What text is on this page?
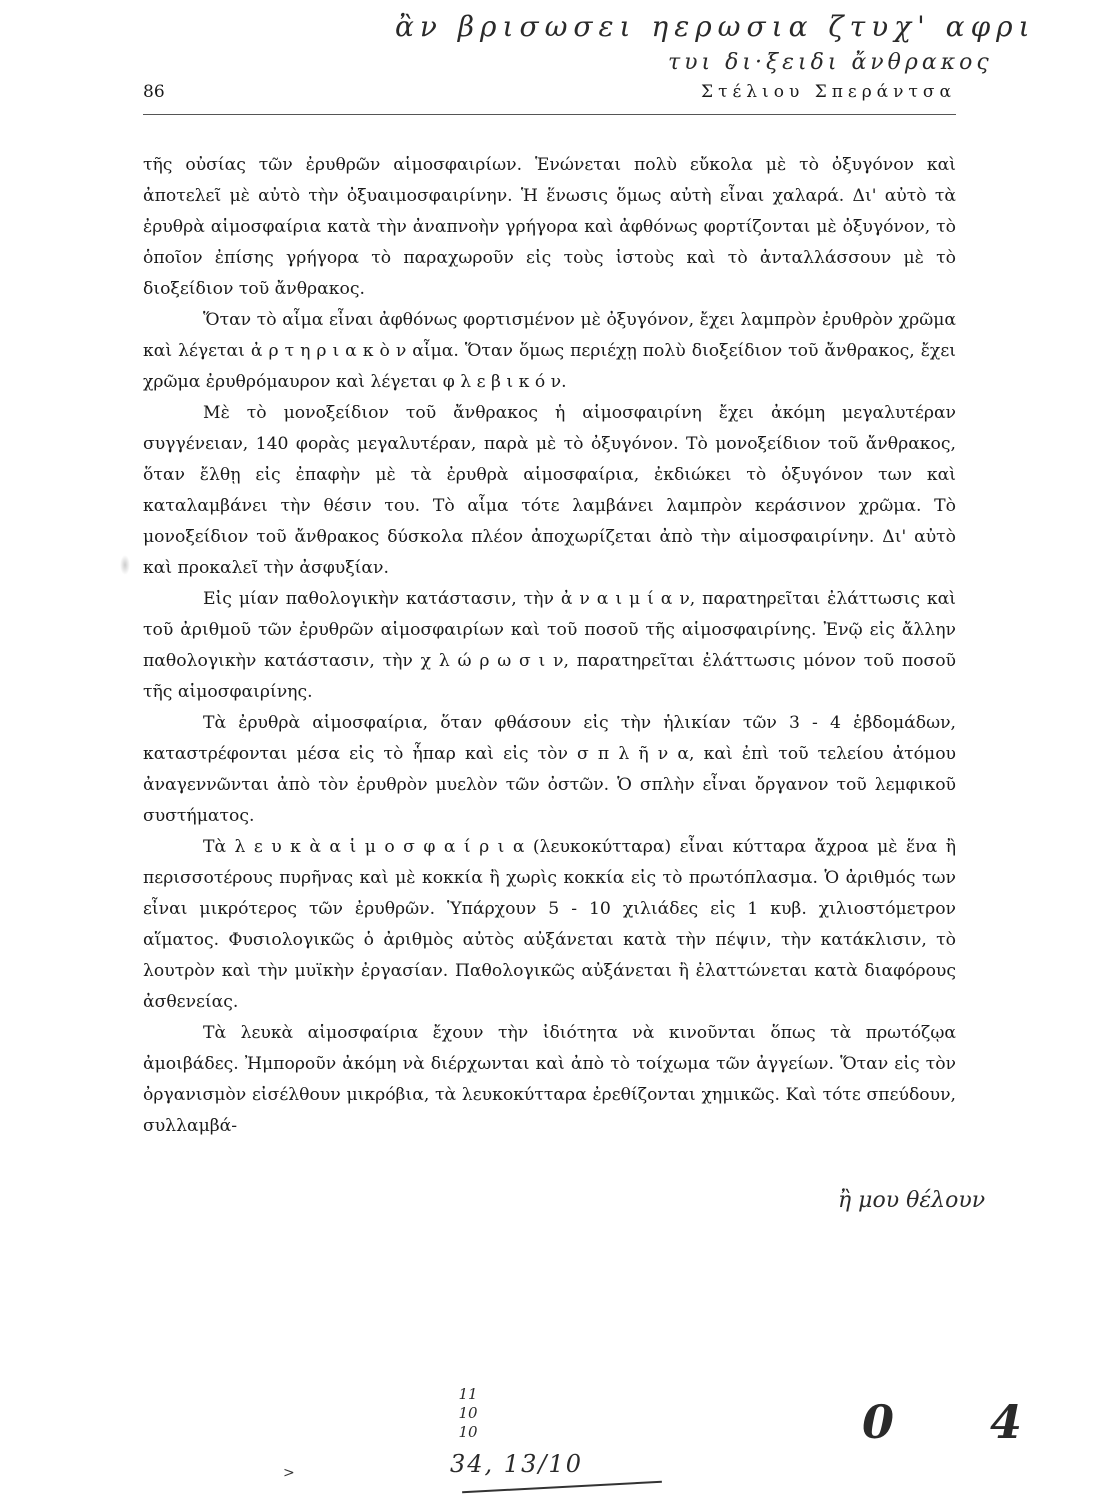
ἂν βρισωσει ηερωσια ζτυχ' αφρι
τυι δι·ξειδι ἄνθρακος
86	Στέλιου Σπεράντσα

τῆς οὐσίας τῶν ἐρυθρῶν αἱμοσφαιρίων. Ἑνώνεται πολὺ εὔκολα μὲ τὸ ὀξυγόνον καὶ ἀποτελεῖ μὲ αὐτὸ τὴν ὀξυαιμοσφαιρίνην. Ἡ ἕνωσις ὅμως αὐτὴ εἶναι χαλαρά. Δι' αὐτὸ τὰ ἐρυθρὰ αἱμοσφαίρια κατὰ τὴν ἀναπνοὴν γρήγορα καὶ ἀφθόνως φορτίζονται μὲ ὀξυγόνον, τὸ ὁποῖον ἐπίσης γρήγορα τὸ παραχωροῦν εἰς τοὺς ἱστοὺς καὶ τὸ ἀνταλλάσσουν μὲ τὸ διοξείδιον τοῦ ἄνθρακος.

Ὅταν τὸ αἷμα εἶναι ἀφθόνως φορτισμένον μὲ ὀξυγόνον, ἔχει λαμπρὸν ἐρυθρὸν χρῶμα καὶ λέγεται ἀ ρ τ η ρ ι α κ ὸ ν αἷμα. Ὅταν ὅμως περιέχῃ πολὺ διοξείδιον τοῦ ἄνθρακος, ἔχει χρῶμα ἐρυθρόμαυρον καὶ λέγεται φ λ ε β ι κ ό ν.

Μὲ τὸ μονοξείδιον τοῦ ἄνθρακος ἡ αἱμοσφαιρίνη ἔχει ἀκόμη μεγαλυτέραν συγγένειαν, 140 φορὰς μεγαλυτέραν, παρὰ μὲ τὸ ὀξυγόνον. Τὸ μονοξείδιον τοῦ ἄνθρακος, ὅταν ἔλθῃ εἰς ἐπαφὴν μὲ τὰ ἐρυθρὰ αἱμοσφαίρια, ἐκδιώκει τὸ ὀξυγόνον των καὶ καταλαμβάνει τὴν θέσιν του. Τὸ αἷμα τότε λαμβάνει λαμπρὸν κεράσινον χρῶμα. Τὸ μονοξείδιον τοῦ ἄνθρακος δύσκολα πλέον ἀποχωρίζεται ἀπὸ τὴν αἱμοσφαιρίνην. Δι' αὐτὸ καὶ προκαλεῖ τὴν ἀσφυξίαν.

Εἰς μίαν παθολογικὴν κατάστασιν, τὴν ἀ ν α ι μ ί α ν, παρατηρεῖται ἐλάττωσις καὶ τοῦ ἀριθμοῦ τῶν ἐρυθρῶν αἱμοσφαιρίων καὶ τοῦ ποσοῦ τῆς αἱμοσφαιρίνης. Ἐνῷ εἰς ἄλλην παθολογικὴν κατάστασιν, τὴν χ λ ώ ρ ω σ ι ν, παρατηρεῖται ἐλάττωσις μόνον τοῦ ποσοῦ τῆς αἱμοσφαιρίνης.

Τὰ ἐρυθρὰ αἱμοσφαίρια, ὅταν φθάσουν εἰς τὴν ἡλικίαν τῶν 3 - 4 ἑβδομάδων, καταστρέφονται μέσα εἰς τὸ ἧπαρ καὶ εἰς τὸν σ π λ ῆ ν α, καὶ ἐπὶ τοῦ τελείου ἀτόμου ἀναγεννῶνται ἀπὸ τὸν ἐρυθρὸν μυελὸν τῶν ὀστῶν. Ὁ σπλὴν εἶναι ὄργανον τοῦ λεμφικοῦ συστήματος.

Τὰ λ ε υ κ ὰ α ἱ μ ο σ φ α ί ρ ι α (λευκοκύτταρα) εἶναι κύτταρα ἄχροα μὲ ἕνα ἢ περισσοτέρους πυρῆνας καὶ μὲ κοκκία ἢ χωρὶς κοκκία εἰς τὸ πρωτόπλασμα. Ὁ ἀριθμός των εἶναι μικρότερος τῶν ἐρυθρῶν. Ὑπάρχουν 5 - 10 χιλιάδες εἰς 1 κυβ. χιλιοστόμετρον αἵματος. Φυσιολογικῶς ὁ ἀριθμὸς αὐτὸς αὐξάνεται κατὰ τὴν πέψιν, τὴν κατάκλισιν, τὸ λουτρὸν καὶ τὴν μυϊκὴν ἐργασίαν. Παθολογικῶς αὐξάνεται ἢ ἐλαττώνεται κατὰ διαφόρους ἀσθενείας.

Τὰ λευκὰ αἱμοσφαίρια ἔχουν τὴν ἰδιότητα νὰ κινοῦνται ὅπως τὰ πρωτόζῳα ἀμοιβάδες. Ἠμποροῦν ἀκόμη νὰ διέρχωνται καὶ ἀπὸ τὸ τοίχωμα τῶν ἀγγείων. Ὅταν εἰς τὸν ὀργανισμὸν εἰσέλθουν μικρόβια, τὰ λευκοκύτταρα ἐρεθίζονται χημικῶς. Καὶ τότε σπεύδουν, συλλαμβά-

ἢ μου θέλουν
11 10 10
34, 13/10
0 4
>
